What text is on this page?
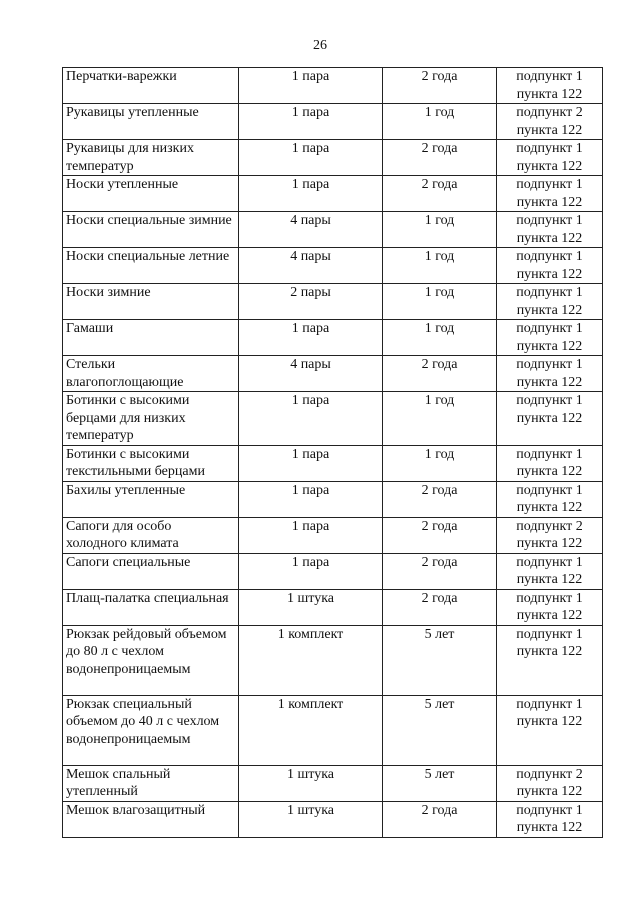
26
Перчатки-варежки	1 пара	2 года	подпункт 1 пункта 122
Рукавицы утепленные	1 пара	1 год	подпункт 2 пункта 122
Рукавицы для низких температур	1 пара	2 года	подпункт 1 пункта 122
Носки утепленные	1 пара	2 года	подпункт 1 пункта 122
Носки специальные зимние	4 пары	1 год	подпункт 1 пункта 122
Носки специальные летние	4 пары	1 год	подпункт 1 пункта 122
Носки зимние	2 пары	1 год	подпункт 1 пункта 122
Гамаши	1 пара	1 год	подпункт 1 пункта 122
Стельки влагопоглощающие	4 пары	2 года	подпункт 1 пункта 122
Ботинки с высокими берцами для низких температур	1 пара	1 год	подпункт 1 пункта 122
Ботинки с высокими текстильными берцами	1 пара	1 год	подпункт 1 пункта 122
Бахилы утепленные	1 пара	2 года	подпункт 1 пункта 122
Сапоги для особо холодного климата	1 пара	2 года	подпункт 2 пункта 122
Сапоги специальные	1 пара	2 года	подпункт 1 пункта 122
Плащ-палатка специальная	1 штука	2 года	подпункт 1 пункта 122
Рюкзак рейдовый объемом до 80 л с чехлом водонепроницаемым	1 комплект	5 лет	подпункт 1 пункта 122
Рюкзак специальный объемом до 40 л с чехлом водонепроницаемым	1 комплект	5 лет	подпункт 1 пункта 122
Мешок спальный утепленный	1 штука	5 лет	подпункт 2 пункта 122
Мешок влагозащитный	1 штука	2 года	подпункт 1 пункта 122
